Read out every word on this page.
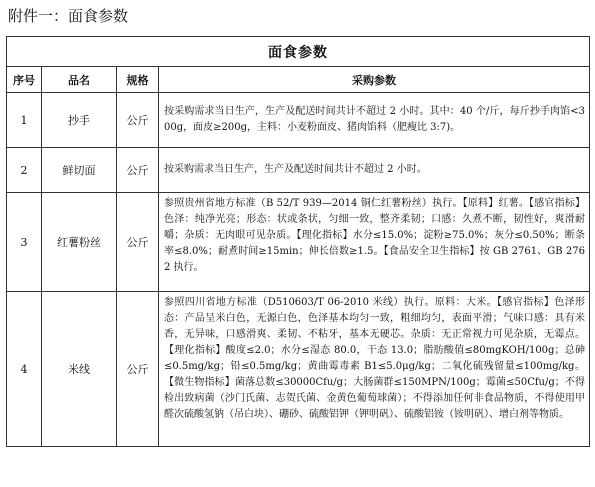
附件一：面食参数
面食参数			
序号	品名	规格	采购参数
1	抄手	公斤	按采购需求当日生产，生产及配送时间共计不超过 2 小时。其中：40 个/斤，每斤抄手肉馅<300g，面皮≥200g，主料：小麦粉面皮、猪肉馅料（肥瘦比 3:7)。
2	鲜切面	公斤	按采购需求当日生产，生产及配送时间共计不超过 2 小时。
3	红薯粉丝	公斤	参照贵州省地方标准（B 52/T 939—2014 铜仁红薯粉丝）执行。【原料】红薯。【感官指标】色泽：纯净光亮；形态：状或条状，匀细一致，整齐柔韧；口感：久煮不断，韧性好，爽滑耐嚼；杂质：无肉眼可见杂质。【理化指标】水分≤15.0%；淀粉≥75.0%；灰分≤0.50%；断条率≤8.0%；耐煮时间≥15min；伸长倍数≥1.5。【食品安全卫生指标】按 GB 2761、GB 2762 执行。
4	米线	公斤	参照四川省地方标准（D510603/T 06-2010 米线）执行。原料：大米。【感官指标】色泽形态：产品呈米白色，无源白色，色泽基本均匀一致，粗细均匀，表面平滑；气味口感：具有米香，无异味，口感滑爽、柔韧、不粘牙，基本无硬芯。杂质：无正常视力可见杂质，无霉点。【理化指标】酸度≤2.0；水分≤湿态 80.0，干态 13.0；脂肪酸值≤80mgKOH/100g；总砷≤0.5mg/kg；铅≤0.5mg/kg；黄曲霉毒素 B1≤5.0μg/kg；二氧化硫残留量≤100mg/kg。【微生物指标】菌落总数≤30000Cfu/g；大肠菌群≤150MPN/100g；霉菌≤50Cfu/g；不得检出致病菌（沙门氏菌、志贺氏菌、金黄色葡萄球菌）；不得添加任何非食品物质，不得使用甲醛次硫酸氢钠（吊白块）、硼砂、硫酸铝钾（钾明矾）、硫酸铝铵（铵明矾）、增白剂等物质。
